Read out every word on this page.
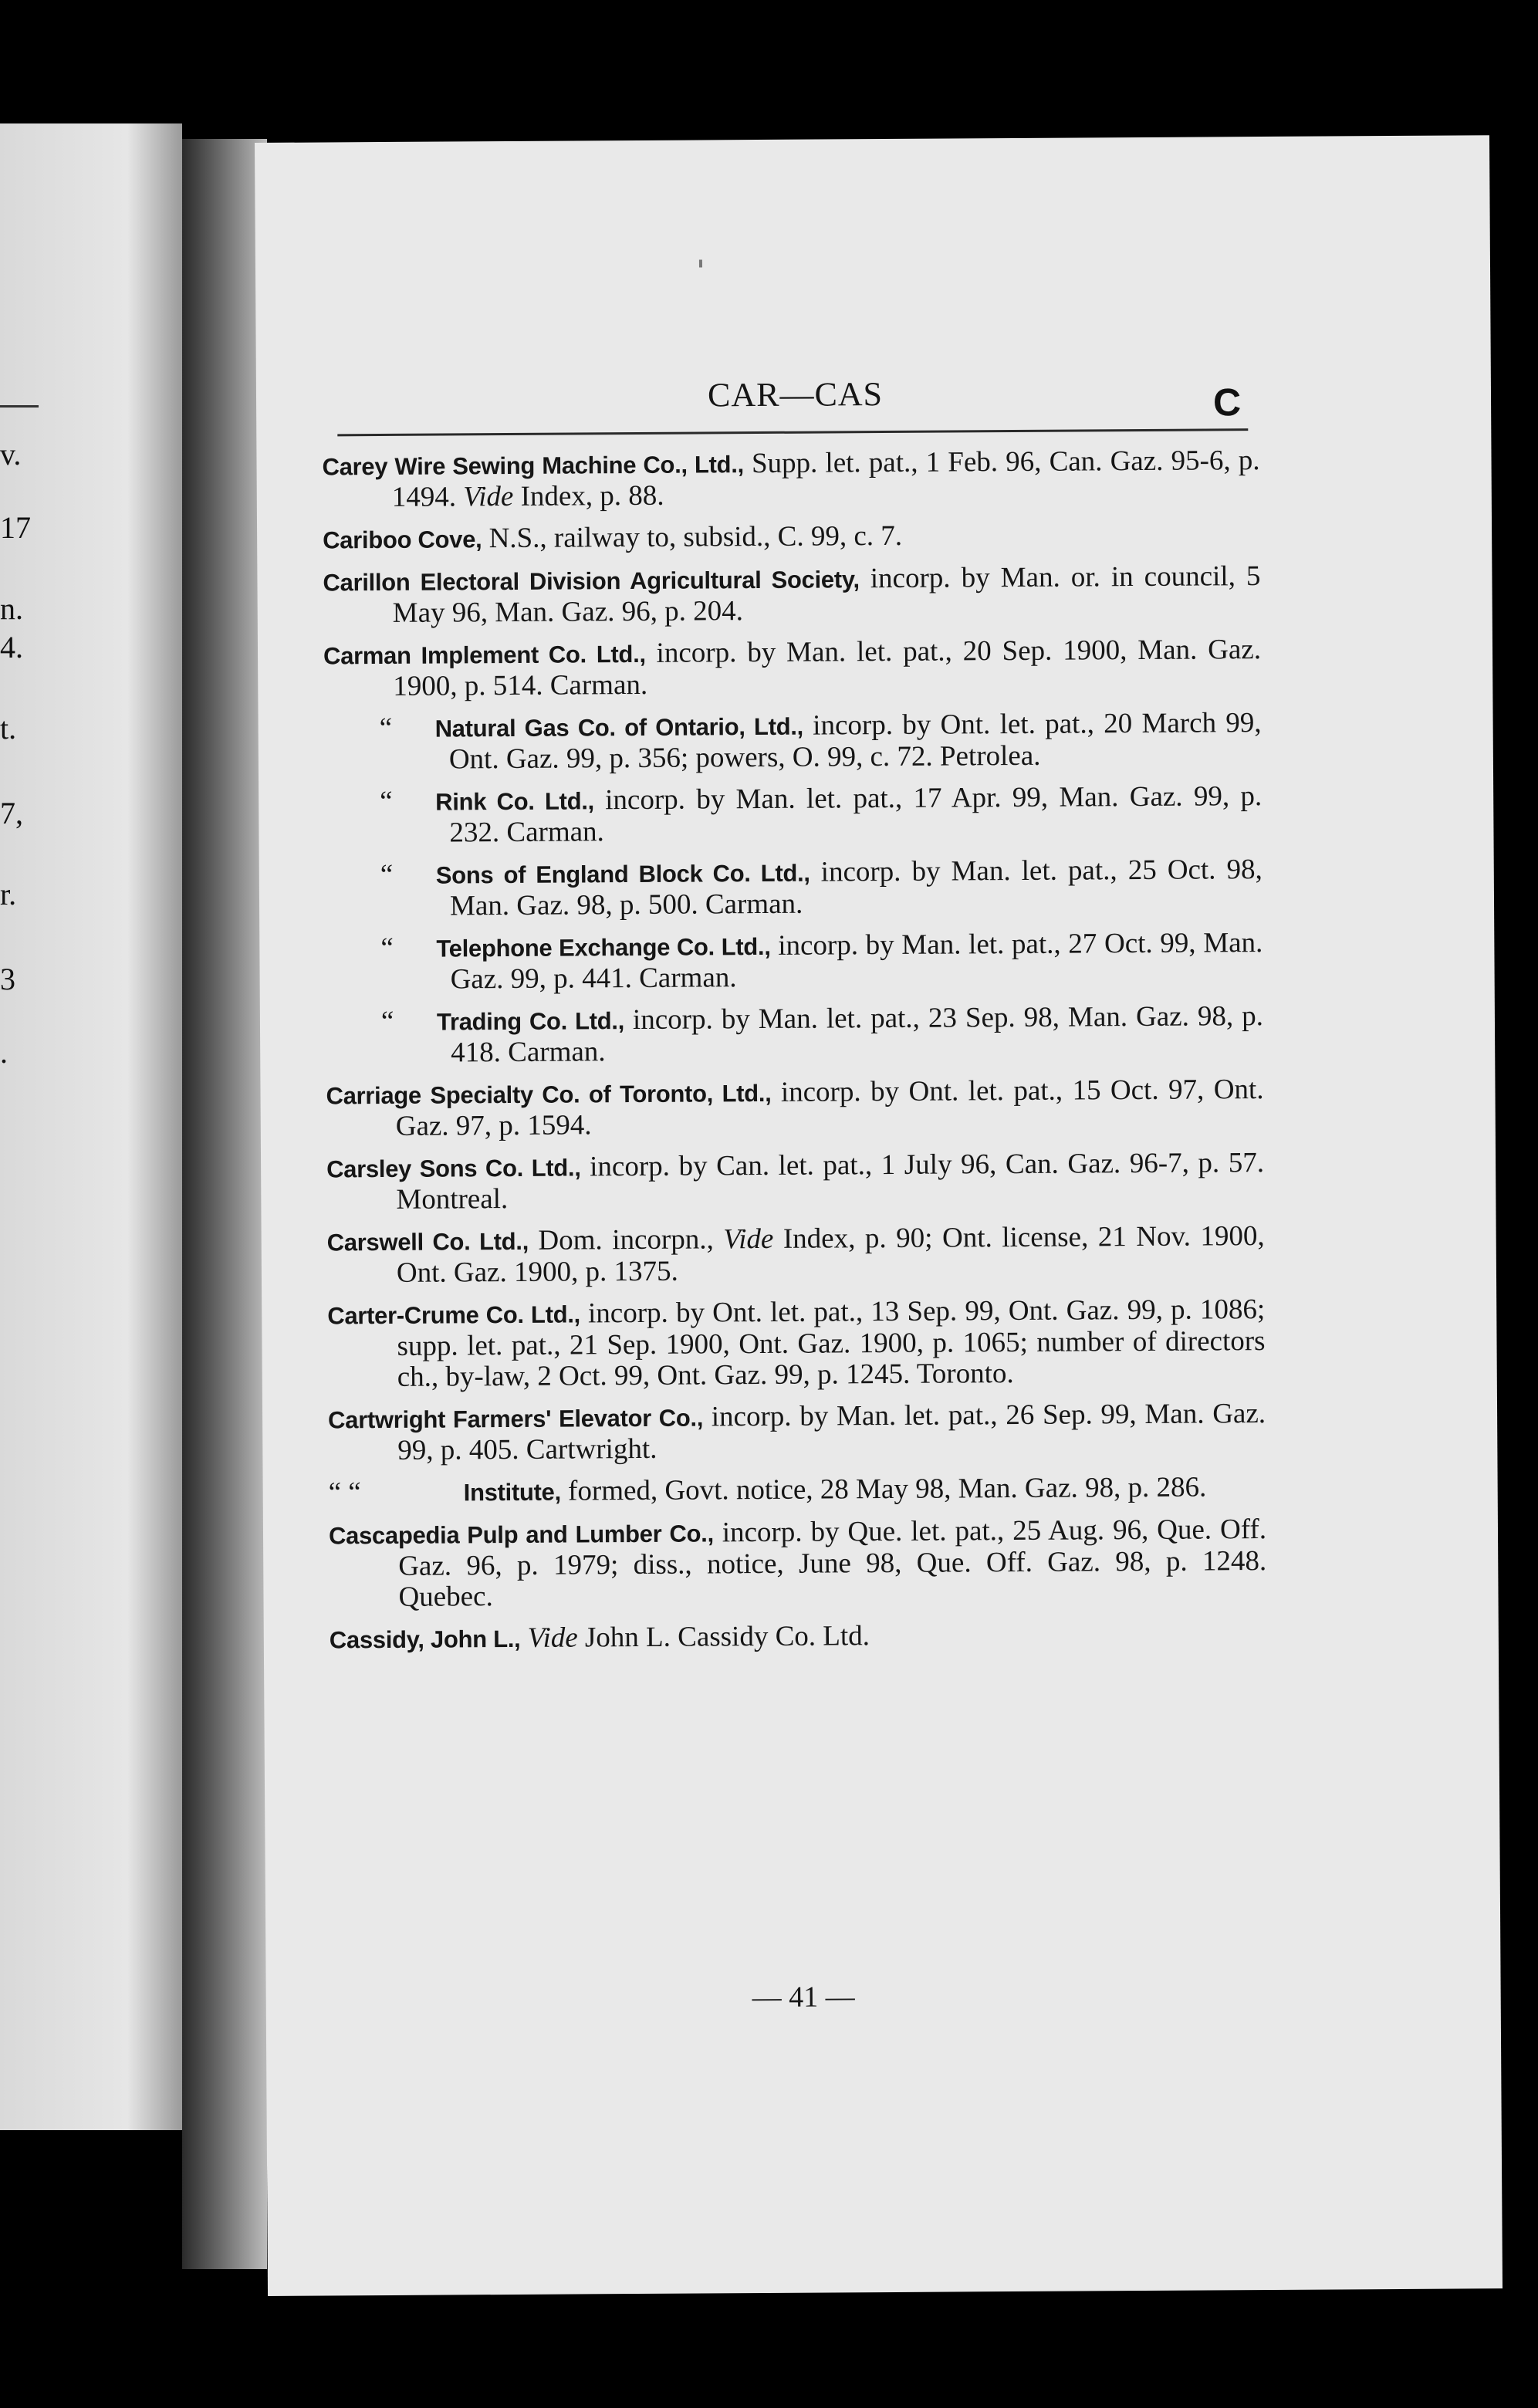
v.
17
n.
4.
t.
7,
r.
3
.
CAR—CAS	C
Carey Wire Sewing Machine Co., Ltd., Supp. let. pat., 1 Feb. 96, Can. Gaz. 95-6, p. 1494. Vide Index, p. 88.
Cariboo Cove, N.S., railway to, subsid., C. 99, c. 7.
Carillon Electoral Division Agricultural Society, incorp. by Man. or. in council, 5 May 96, Man. Gaz. 96, p. 204.
Carman Implement Co. Ltd., incorp. by Man. let. pat., 20 Sep. 1900, Man. Gaz. 1900, p. 514. Carman.
“ Natural Gas Co. of Ontario, Ltd., incorp. by Ont. let. pat., 20 March 99, Ont. Gaz. 99, p. 356; powers, O. 99, c. 72. Petrolea.
“ Rink Co. Ltd., incorp. by Man. let. pat., 17 Apr. 99, Man. Gaz. 99, p. 232. Carman.
“ Sons of England Block Co. Ltd., incorp. by Man. let. pat., 25 Oct. 98, Man. Gaz. 98, p. 500. Carman.
“ Telephone Exchange Co. Ltd., incorp. by Man. let. pat., 27 Oct. 99, Man. Gaz. 99, p. 441. Carman.
“ Trading Co. Ltd., incorp. by Man. let. pat., 23 Sep. 98, Man. Gaz. 98, p. 418. Carman.
Carriage Specialty Co. of Toronto, Ltd., incorp. by Ont. let. pat., 15 Oct. 97, Ont. Gaz. 97, p. 1594.
Carsley Sons Co. Ltd., incorp. by Can. let. pat., 1 July 96, Can. Gaz. 96-7, p. 57. Montreal.
Carswell Co. Ltd., Dom. incorpn., Vide Index, p. 90; Ont. license, 21 Nov. 1900, Ont. Gaz. 1900, p. 1375.
Carter-Crume Co. Ltd., incorp. by Ont. let. pat., 13 Sep. 99, Ont. Gaz. 99, p. 1086; supp. let. pat., 21 Sep. 1900, Ont. Gaz. 1900, p. 1065; number of directors ch., by-law, 2 Oct. 99, Ont. Gaz. 99, p. 1245. Toronto.
Cartwright Farmers' Elevator Co., incorp. by Man. let. pat., 26 Sep. 99, Man. Gaz. 99, p. 405. Cartwright.
“ “	Institute, formed, Govt. notice, 28 May 98, Man. Gaz. 98, p. 286.
Cascapedia Pulp and Lumber Co., incorp. by Que. let. pat., 25 Aug. 96, Que. Off. Gaz. 96, p. 1979; diss., notice, June 98, Que. Off. Gaz. 98, p. 1248. Quebec.
Cassidy, John L., Vide John L. Cassidy Co. Ltd.
— 41 —
